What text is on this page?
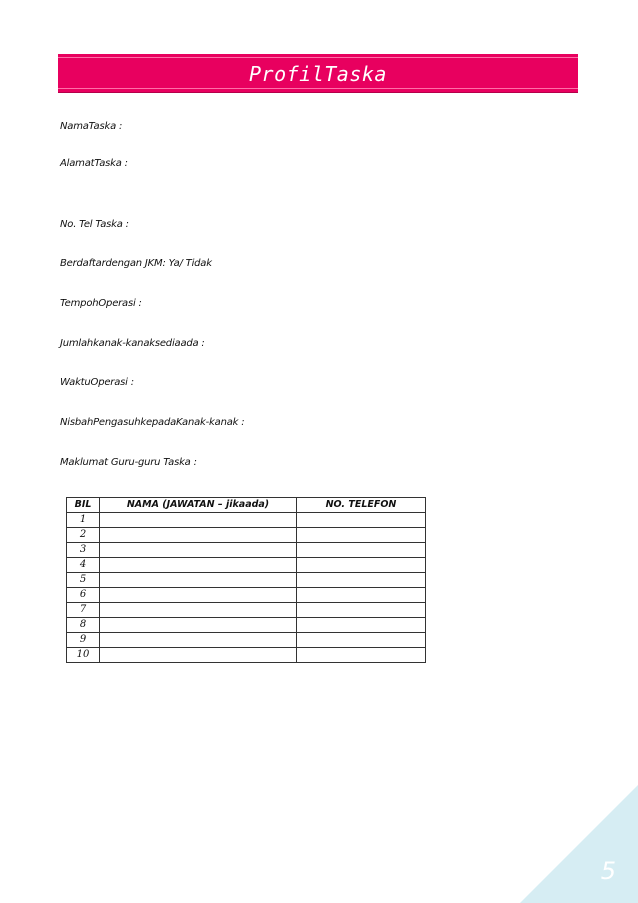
ProfilTaska
NamaTaska :
AlamatTaska :
No. Tel Taska :
Berdaftardengan JKM: Ya/ Tidak
TempohOperasi :
Jumlahkanak-kanaksediaada :
WaktuOperasi :
NisbahPengasuhkepadaKanak-kanak :
Maklumat Guru-guru Taska :
BIL	NAMA (JAWATAN – jikaada)	NO. TELEFON
1		
2		
3		
4		
5		
6		
7		
8		
9		
10		
5
